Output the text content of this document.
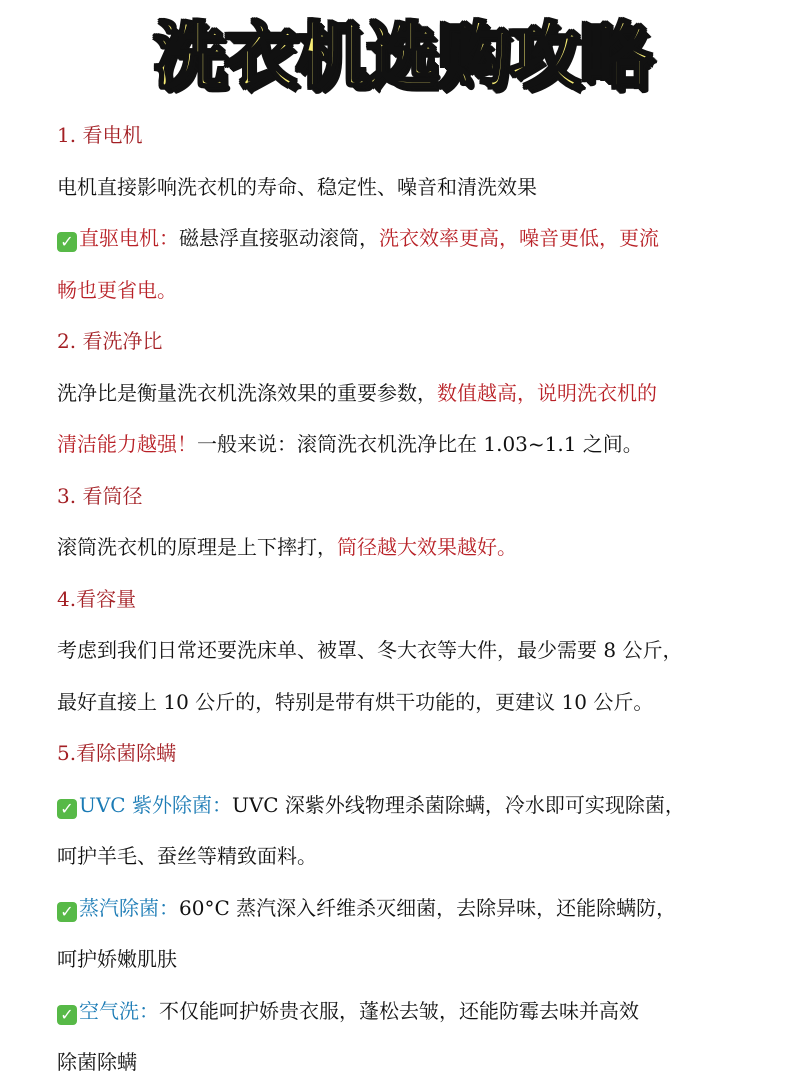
洗衣机选购攻略
1. 看电机
电机直接影响洗衣机的寿命、稳定性、噪音和清洗效果
✓ 直驱电机：磁悬浮直接驱动滚筒，洗衣效率更高，噪音更低，更流
畅也更省电。
2. 看洗净比
洗净比是衡量洗衣机洗涤效果的重要参数，数值越高，说明洗衣机的
清洁能力越强！一般来说：滚筒洗衣机洗净比在 1.03~1.1 之间。
3. 看筒径
滚筒洗衣机的原理是上下摔打，筒径越大效果越好。
4.看容量
考虑到我们日常还要洗床单、被罩、冬大衣等大件，最少需要 8 公斤，
最好直接上 10 公斤的，特别是带有烘干功能的，更建议 10 公斤。
5.看除菌除螨
✓ UVC 紫外除菌：UVC 深紫外线物理杀菌除螨，冷水即可实现除菌，
呵护羊毛、蚕丝等精致面料。
✓ 蒸汽除菌：60°C 蒸汽深入纤维杀灭细菌，去除异味，还能除螨防，
呵护娇嫩肌肤
✓ 空气洗：不仅能呵护娇贵衣服，蓬松去皱，还能防霉去味并高效
除菌除螨
